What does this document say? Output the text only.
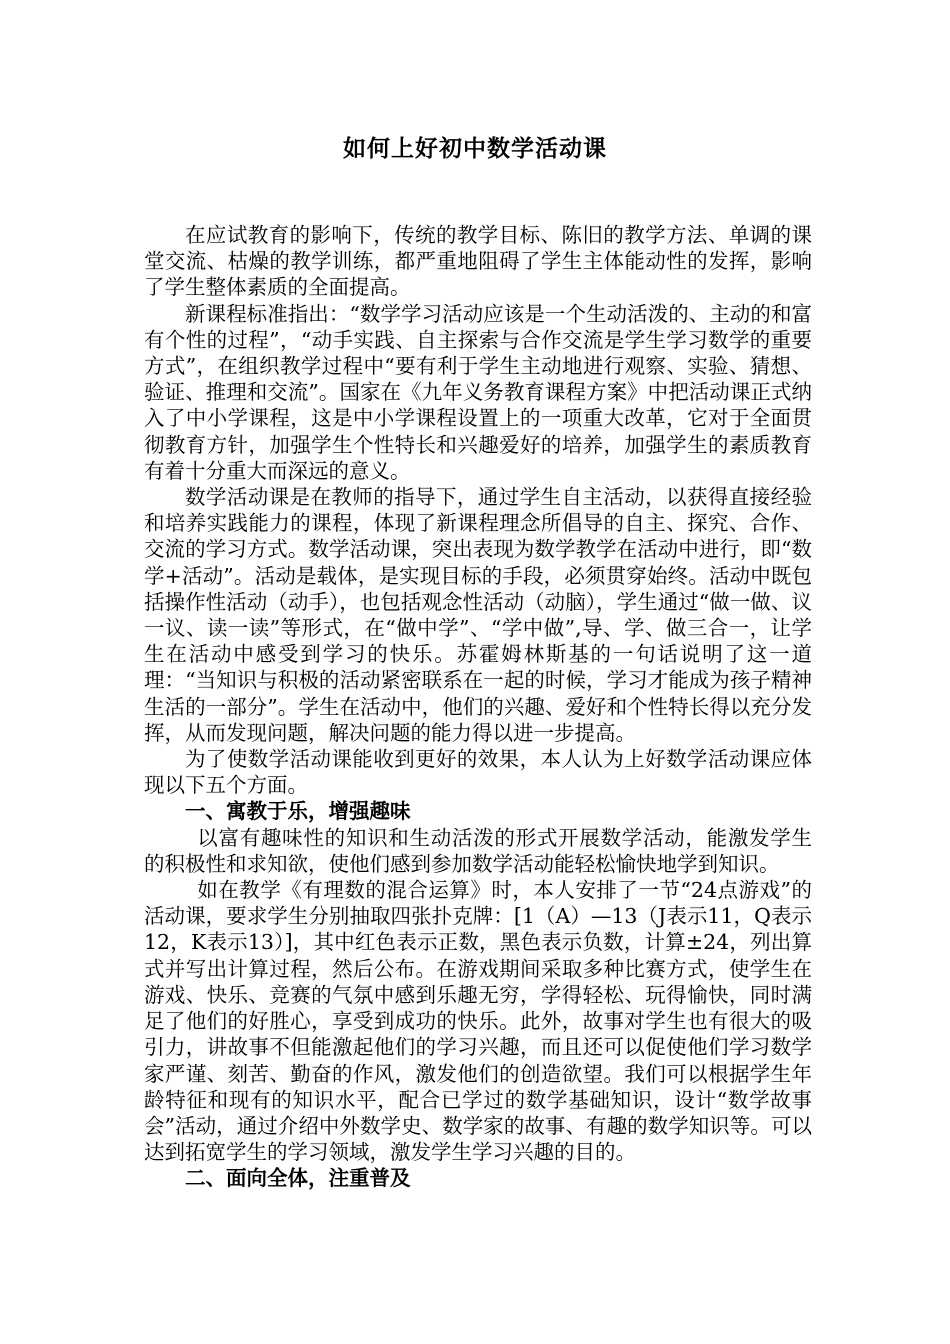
如何上好初中数学活动课

在应试教育的影响下，传统的教学目标、陈旧的教学方法、单调的课堂交流、枯燥的教学训练，都严重地阻碍了学生主体能动性的发挥，影响了学生整体素质的全面提高。

新课程标准指出：“数学学习活动应该是一个生动活泼的、主动的和富有个性的过程”，“动手实践、自主探索与合作交流是学生学习数学的重要方式”，在组织教学过程中“要有利于学生主动地进行观察、实验、猜想、验证、推理和交流”。国家在《九年义务教育课程方案》中把活动课正式纳入了中小学课程，这是中小学课程设置上的一项重大改革，它对于全面贯彻教育方针，加强学生个性特长和兴趣爱好的培养，加强学生的素质教育有着十分重大而深远的意义。

数学活动课是在教师的指导下，通过学生自主活动，以获得直接经验和培养实践能力的课程，体现了新课程理念所倡导的自主、探究、合作、交流的学习方式。数学活动课，突出表现为数学教学在活动中进行，即“数学+活动”。活动是载体，是实现目标的手段，必须贯穿始终。活动中既包括操作性活动（动手），也包括观念性活动（动脑），学生通过“做一做、议一议、读一读”等形式，在“做中学”、“学中做”,导、学、做三合一，让学生在活动中感受到学习的快乐。苏霍姆林斯基的一句话说明了这一道理：“当知识与积极的活动紧密联系在一起的时候，学习才能成为孩子精神生活的一部分”。学生在活动中，他们的兴趣、爱好和个性特长得以充分发挥，从而发现问题，解决问题的能力得以进一步提高。

为了使数学活动课能收到更好的效果，本人认为上好数学活动课应体现以下五个方面。

一、寓教于乐，增强趣味

以富有趣味性的知识和生动活泼的形式开展数学活动，能激发学生的积极性和求知欲，使他们感到参加数学活动能轻松愉快地学到知识。

如在教学《有理数的混合运算》时，本人安排了一节“24点游戏”的活动课，要求学生分别抽取四张扑克牌：[1（A）—13（J表示11，Q表示12，K表示13）]，其中红色表示正数，黑色表示负数，计算±24，列出算式并写出计算过程，然后公布。在游戏期间采取多种比赛方式，使学生在游戏、快乐、竞赛的气氛中感到乐趣无穷，学得轻松、玩得愉快，同时满足了他们的好胜心，享受到成功的快乐。此外，故事对学生也有很大的吸引力，讲故事不但能激起他们的学习兴趣，而且还可以促使他们学习数学家严谨、刻苦、勤奋的作风，激发他们的创造欲望。我们可以根据学生年龄特征和现有的知识水平，配合已学过的数学基础知识，设计“数学故事会”活动，通过介绍中外数学史、数学家的故事、有趣的数学知识等。可以达到拓宽学生的学习领域，激发学生学习兴趣的目的。

二、面向全体，注重普及
